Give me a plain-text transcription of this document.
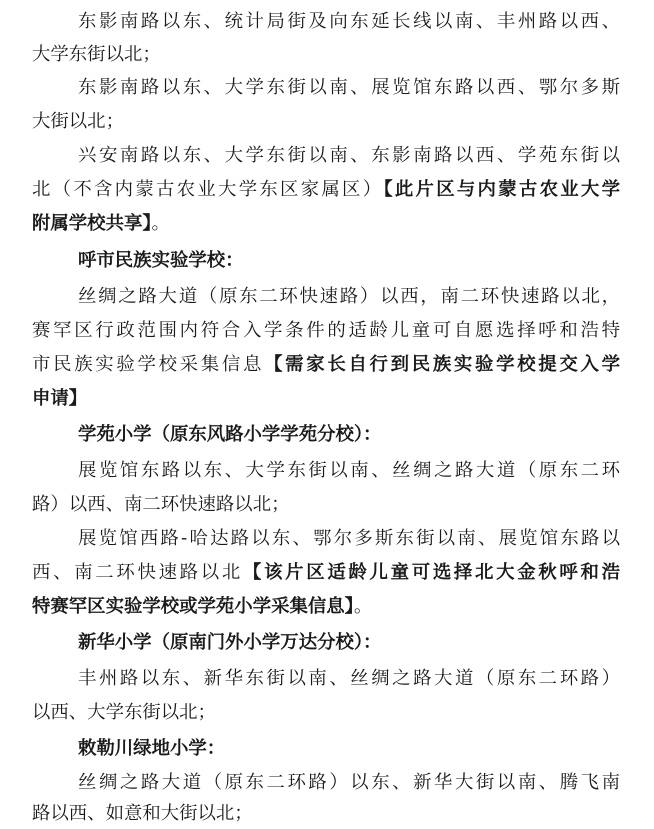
东影南路以东、统计局街及向东延长线以南、丰州路以西、
大学东街以北；
东影南路以东、大学东街以南、展览馆东路以西、鄂尔多斯
大街以北；
兴安南路以东、大学东街以南、东影南路以西、学苑东街以
北（不含内蒙古农业大学东区家属区）【此片区与内蒙古农业大学
附属学校共享】。
呼市民族实验学校：
丝绸之路大道（原东二环快速路）以西，南二环快速路以北，
赛罕区行政范围内符合入学条件的适龄儿童可自愿选择呼和浩特
市民族实验学校采集信息【需家长自行到民族实验学校提交入学
申请】
学苑小学（原东风路小学学苑分校）：
展览馆东路以东、大学东街以南、丝绸之路大道（原东二环
路）以西、南二环快速路以北；
展览馆西路-哈达路以东、鄂尔多斯东街以南、展览馆东路以
西、南二环快速路以北【该片区适龄儿童可选择北大金秋呼和浩
特赛罕区实验学校或学苑小学采集信息】。
新华小学（原南门外小学万达分校）：
丰州路以东、新华东街以南、丝绸之路大道（原东二环路）
以西、大学东街以北；
敕勒川绿地小学：
丝绸之路大道（原东二环路）以东、新华大街以南、腾飞南
路以西、如意和大街以北；
